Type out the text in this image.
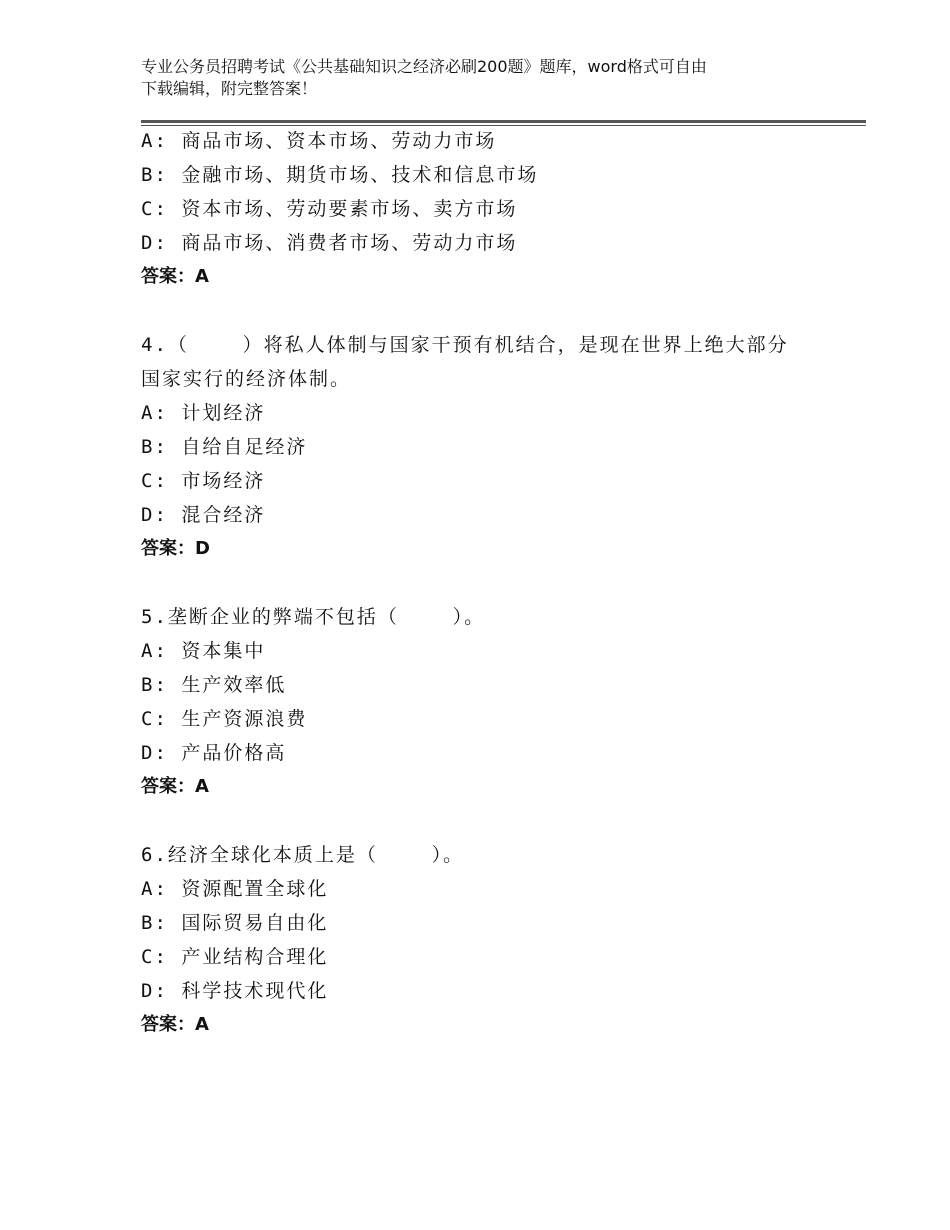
专业公务员招聘考试《公共基础知识之经济必刷200题》题库，word格式可自由
下载编辑，附完整答案！
A: 商品市场、资本市场、劳动力市场
B: 金融市场、期货市场、技术和信息市场
C: 资本市场、劳动要素市场、卖方市场
D: 商品市场、消费者市场、劳动力市场
答案：A
4.（    ）将私人体制与国家干预有机结合，是现在世界上绝大部分
国家实行的经济体制。
A: 计划经济
B: 自给自足经济
C: 市场经济
D: 混合经济
答案：D
5.垄断企业的弊端不包括（    ）。
A: 资本集中
B: 生产效率低
C: 生产资源浪费
D: 产品价格高
答案：A
6.经济全球化本质上是（    ）。
A: 资源配置全球化
B: 国际贸易自由化
C: 产业结构合理化
D: 科学技术现代化
答案：A
